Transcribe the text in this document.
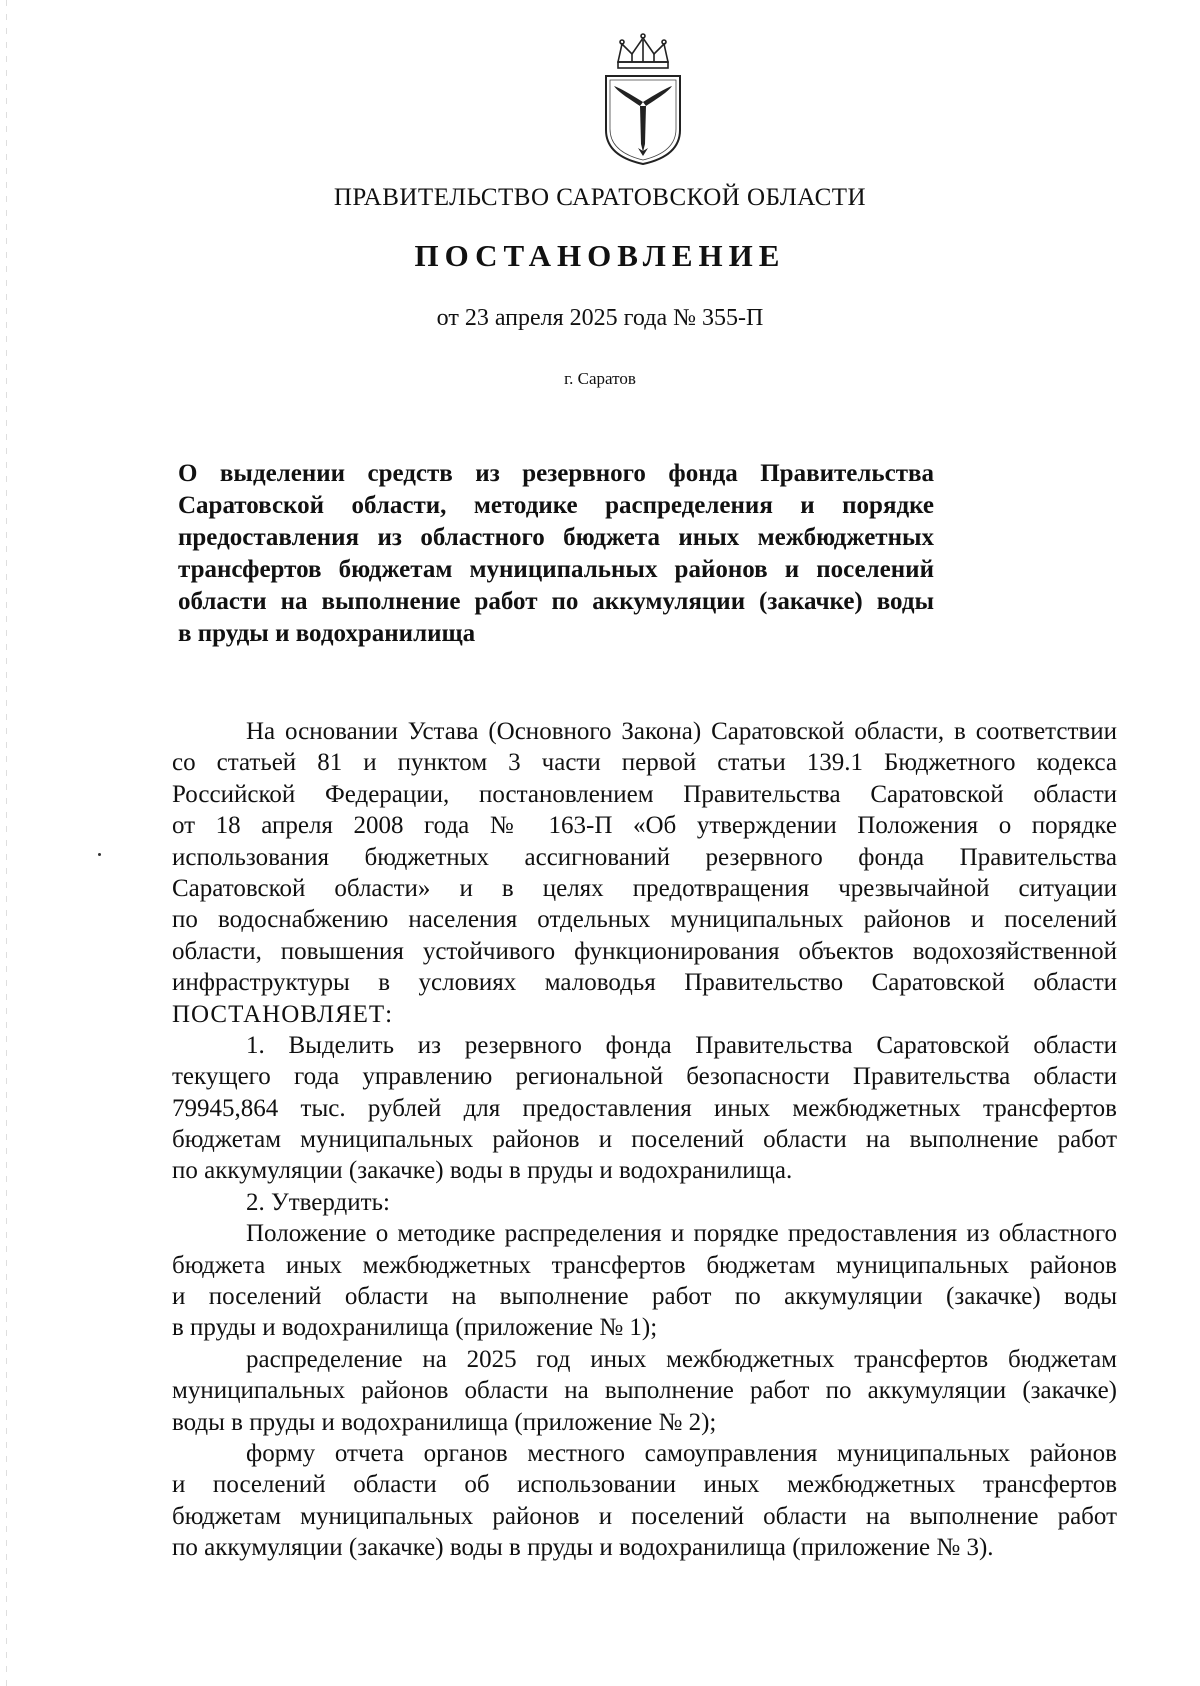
ПРАВИТЕЛЬСТВО САРАТОВСКОЙ ОБЛАСТИ
ПОСТАНОВЛЕНИЕ
от 23 апреля 2025 года № 355-П
г. Саратов
О выделении средств из резервного фонда Правительства
Саратовской области, методике распределения и порядке
предоставления из областного бюджета иных межбюджетных
трансфертов бюджетам муниципальных районов и поселений
области на выполнение работ по аккумуляции (закачке) воды
в пруды и водохранилища
На основании Устава (Основного Закона) Саратовской области, в соответствии
со статьей 81 и пунктом 3 части первой статьи 139.1 Бюджетного кодекса
Российской Федерации, постановлением Правительства Саратовской области
от 18 апреля 2008 года № 163-П «Об утверждении Положения о порядке
использования бюджетных ассигнований резервного фонда Правительства
Саратовской области» и в целях предотвращения чрезвычайной ситуации
по водоснабжению населения отдельных муниципальных районов и поселений
области, повышения устойчивого функционирования объектов водохозяйственной
инфраструктуры в условиях маловодья Правительство Саратовской области
ПОСТАНОВЛЯЕТ:
1. Выделить из резервного фонда Правительства Саратовской области
текущего года управлению региональной безопасности Правительства области
79945,864 тыс. рублей для предоставления иных межбюджетных трансфертов
бюджетам муниципальных районов и поселений области на выполнение работ
по аккумуляции (закачке) воды в пруды и водохранилища.
2. Утвердить:
Положение о методике распределения и порядке предоставления из областного
бюджета иных межбюджетных трансфертов бюджетам муниципальных районов
и поселений области на выполнение работ по аккумуляции (закачке) воды
в пруды и водохранилища (приложение № 1);
распределение на 2025 год иных межбюджетных трансфертов бюджетам
муниципальных районов области на выполнение работ по аккумуляции (закачке)
воды в пруды и водохранилища (приложение № 2);
форму отчета органов местного самоуправления муниципальных районов
и поселений области об использовании иных межбюджетных трансфертов
бюджетам муниципальных районов и поселений области на выполнение работ
по аккумуляции (закачке) воды в пруды и водохранилища (приложение № 3).
